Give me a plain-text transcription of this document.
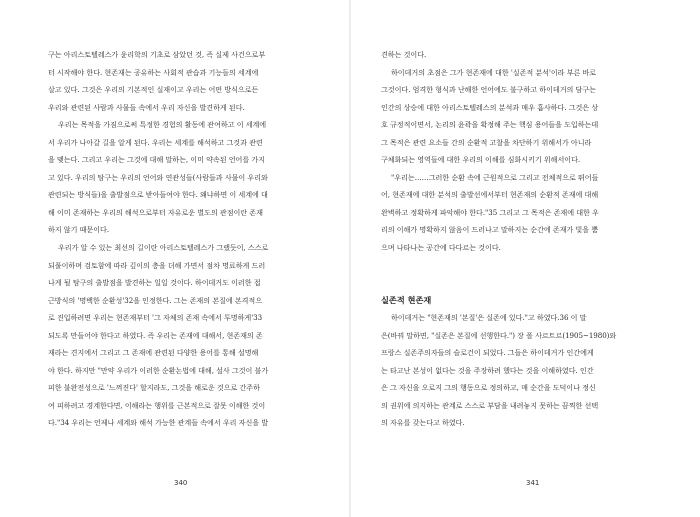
구는 아리스토텔레스가 윤리학의 기초로 삼았던 것, 즉 실제 사건으로부
터 시작해야 한다. 현존재는 공유하는 사회적 관습과 기능들의 세계에
살고 있다. 그것은 우리의 기본적인 실재이고 우리는 어떤 방식으로든
우리와 관련된 사람과 사물들 속에서 우리 자신을 발견하게 된다.
우리는 목적을 가짐으로써 특정한 경험의 활동에 관여하고 이 세계에
서 우리가 나아갈 길을 알게 된다. 우리는 세계를 해석하고 그것과 관련
을 맺는다. 그리고 우리는 그것에 대해 말하는, 이미 약속된 언어를 가지
고 있다. 우리의 탐구는 우리의 언어와 연관성들(사람들과 사물이 우리와
관련되는 방식들)을 출발점으로 받아들여야 한다. 왜냐하면 이 세계에 대
해 이미 존재하는 우리의 해석으로부터 자유로운 별도의 관점이란 존재
하지 않기 때문이다.
우리가 알 수 있는 최선의 길이란 아리스토텔레스가 그랬듯이, 스스로
되풀이하며 검토함에 따라 깊이의 층을 더해 가면서 점차 명료하게 드러
나게 될 탐구의 출발점을 발견하는 일일 것이다. 하이데거도 이러한 접
근방식의 '명백한 순환성'32을 인정한다. 그는 존재의 본질에 본격적으
로 진입하려면 우리는 현존재부터 '그 자체의 존재 속에서 투명하게'33
되도록 만들어야 한다고 하였다. 즉 우리는 존재에 대해서, 현존재의 존
재라는 견지에서 그리고 그 존재에 관련된 다양한 용어를 통해 설명해
야 한다. 하지만 "만약 우리가 이러한 순환논법에 대해, 설사 그것이 불가
피한 불완전성으로 '느껴진다' 할지라도, 그것을 해로운 것으로 간주하
여 피하려고 경계한다면, 이해라는 행위를 근본적으로 잘못 이해한 것이
다."34 우리는 언제나 세계와 해석 가능한 관계들 속에서 우리 자신을 발
견하는 것이다.
하이데거의 초점은 그가 현존재에 대한 '실존적 분석'이라 부른 바로
그것이다. 엄격한 형식과 난해한 언어에도 불구하고 하이데거의 담구는
인간의 상승에 대한 아리스토텔레스의 분석과 매우 흡사하다. 그것은 상
호 규정적이면서, 논리의 윤곽을 확정해 주는 핵심 용어들을 도입하는데
그 목적은 관련 요소들 간의 순환적 고찰을 차단하기 위해서가 아니라
구체화되는 영역들에 대한 우리의 이해를 심화시키기 위해서이다.
"우리는……그러한 순환 속에 근원적으로 그리고 전체적으로 뛰어들
어, 현존재에 대한 분석의 출발선에서부터 현존재의 순환적 존재에 대해
완벽하고 정확하게 파악해야 한다."35 그리고 그 목적은 존재에 대한 우
리의 이해가 명확하지 않음이 드러나고 말하지는 순간에 존재가 빛을 뿜
으며 나타나는 공간에 다다르는 것이다.
실존적 현존재
하이데거는 "현존재의 '본질'은 실존에 있다."고 하였다.36 이 말
은(바꿔 말하면, "실존은 본질에 선행한다.") 장 폴 사르트르(1905~1980)와
프랑스 실존주의자들의 슬로건이 되었다. 그들은 하이데거가 인간에게
는 타고난 본성이 없다는 것을 주장하려 했다는 것을 이해하였다. 인간
은 그 자신을 오로지 그의 행동으로 정의하고, 매 순간을 도덕이나 정신
의 권위에 의지하는 관계로 스스로 부담을 내려놓지 못하는 끔찍한 선택
의 자유를 갖는다고 하였다.
340	341
